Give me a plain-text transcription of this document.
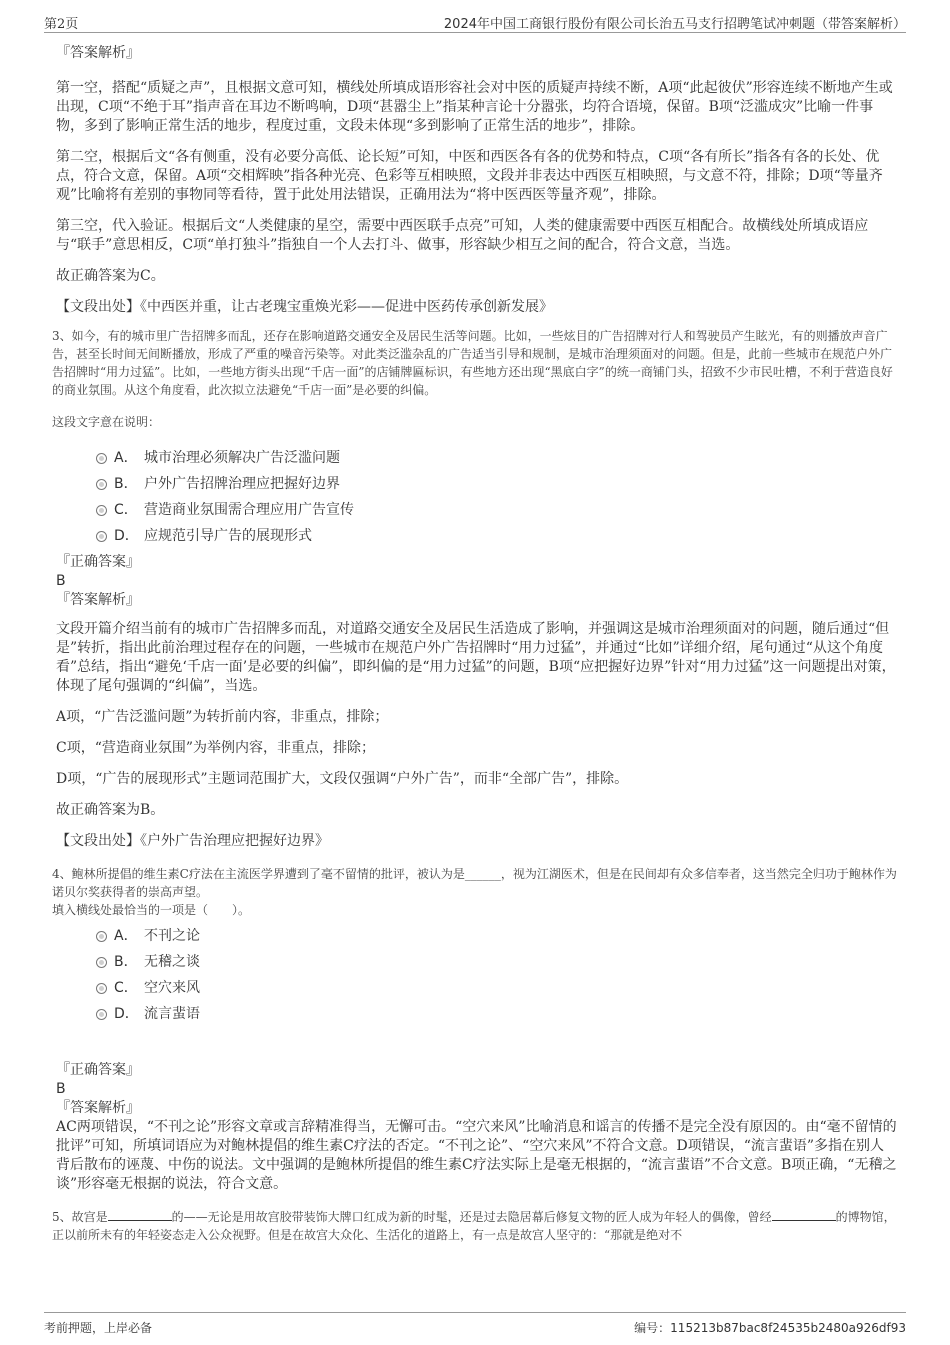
第2页	2024年中国工商银行股份有限公司长治五马支行招聘笔试冲刺题（带答案解析）
『答案解析』

第一空，搭配“质疑之声”，且根据文意可知，横线处所填成语形容社会对中医的质疑声持续不断，A项“此起彼伏”形容连续不断地产生或出现，C项“不绝于耳”指声音在耳边不断鸣响，D项“甚嚣尘上”指某种言论十分嚣张，均符合语境，保留。B项“泛滥成灾”比喻一件事物，多到了影响正常生活的地步，程度过重，文段未体现“多到影响了正常生活的地步”，排除。

第二空，根据后文“各有侧重，没有必要分高低、论长短”可知，中医和西医各有各的优势和特点，C项“各有所长”指各有各的长处、优点，符合文意，保留。A项“交相辉映”指各种光亮、色彩等互相映照，文段并非表达中西医互相映照，与文意不符，排除；D项“等量齐观”比喻将有差别的事物同等看待，置于此处用法错误，正确用法为“将中医西医等量齐观”，排除。

第三空，代入验证。根据后文“人类健康的星空，需要中西医联手点亮”可知，人类的健康需要中西医互相配合。故横线处所填成语应与“联手”意思相反，C项“单打独斗”指独自一个人去打斗、做事，形容缺少相互之间的配合，符合文意，当选。

故正确答案为C。

【文段出处】《中西医并重，让古老瑰宝重焕光彩——促进中医药传承创新发展》

3、如今，有的城市里广告招牌多而乱，还存在影响道路交通安全及居民生活等问题。比如，一些炫目的广告招牌对行人和驾驶员产生眩光，有的则播放声音广告，甚至长时间无间断播放，形成了严重的噪音污染等。对此类泛滥杂乱的广告适当引导和规制，是城市治理须面对的问题。但是，此前一些城市在规范户外广告招牌时“用力过猛”。比如，一些地方街头出现“千店一面”的店铺牌匾标识，有些地方还出现“黑底白字”的统一商铺门头，招致不少市民吐槽，不利于营造良好的商业氛围。从这个角度看，此次拟立法避免“千店一面”是必要的纠偏。

这段文字意在说明：

A． 城市治理必须解决广告泛滥问题
B． 户外广告招牌治理应把握好边界
C． 营造商业氛围需合理应用广告宣传
D． 应规范引导广告的展现形式
『正确答案』
B
『答案解析』

文段开篇介绍当前有的城市广告招牌多而乱，对道路交通安全及居民生活造成了影响，并强调这是城市治理须面对的问题，随后通过“但是”转折，指出此前治理过程存在的问题，一些城市在规范户外广告招牌时“用力过猛”，并通过“比如”详细介绍，尾句通过“从这个角度看”总结，指出“避免‘千店一面’是必要的纠偏”，即纠偏的是“用力过猛”的问题，B项“应把握好边界”针对“用力过猛”这一问题提出对策，体现了尾句强调的“纠偏”，当选。

A项，“广告泛滥问题”为转折前内容，非重点，排除；

C项，“营造商业氛围”为举例内容，非重点，排除；

D项，“广告的展现形式”主题词范围扩大，文段仅强调“户外广告”，而非“全部广告”，排除。

故正确答案为B。

【文段出处】《户外广告治理应把握好边界》

4、鲍林所提倡的维生素C疗法在主流医学界遭到了毫不留情的批评，被认为是______，视为江湖医术，但是在民间却有众多信奉者，这当然完全归功于鲍林作为诺贝尔奖获得者的崇高声望。

填入横线处最恰当的一项是（　　）。

A． 不刊之论
B． 无稽之谈
C． 空穴来风
D． 流言蜚语
『正确答案』
B
『答案解析』

AC两项错误，“不刊之论”形容文章或言辞精准得当，无懈可击。“空穴来风”比喻消息和谣言的传播不是完全没有原因的。由“毫不留情的批评”可知，所填词语应为对鲍林提倡的维生素C疗法的否定。“不刊之论”、“空穴来风”不符合文意。D项错误，“流言蜚语”多指在别人背后散布的诬蔑、中伤的说法。文中强调的是鲍林所提倡的维生素C疗法实际上是毫无根据的，“流言蜚语”不合文意。B项正确，“无稽之谈”形容毫无根据的说法，符合文意。

5、故宫是	的——无论是用故宫胶带装饰大牌口红成为新的时髦，还是过去隐居幕后修复文物的匠人成为年轻人的偶像，曾经	的博物馆，正以前所未有的年轻姿态走入公众视野。但是在故宫大众化、生活化的道路上，有一点是故宫人坚守的：“那就是绝对不

考前押题，上岸必备	编号：115213b87bac8f24535b2480a926df93
